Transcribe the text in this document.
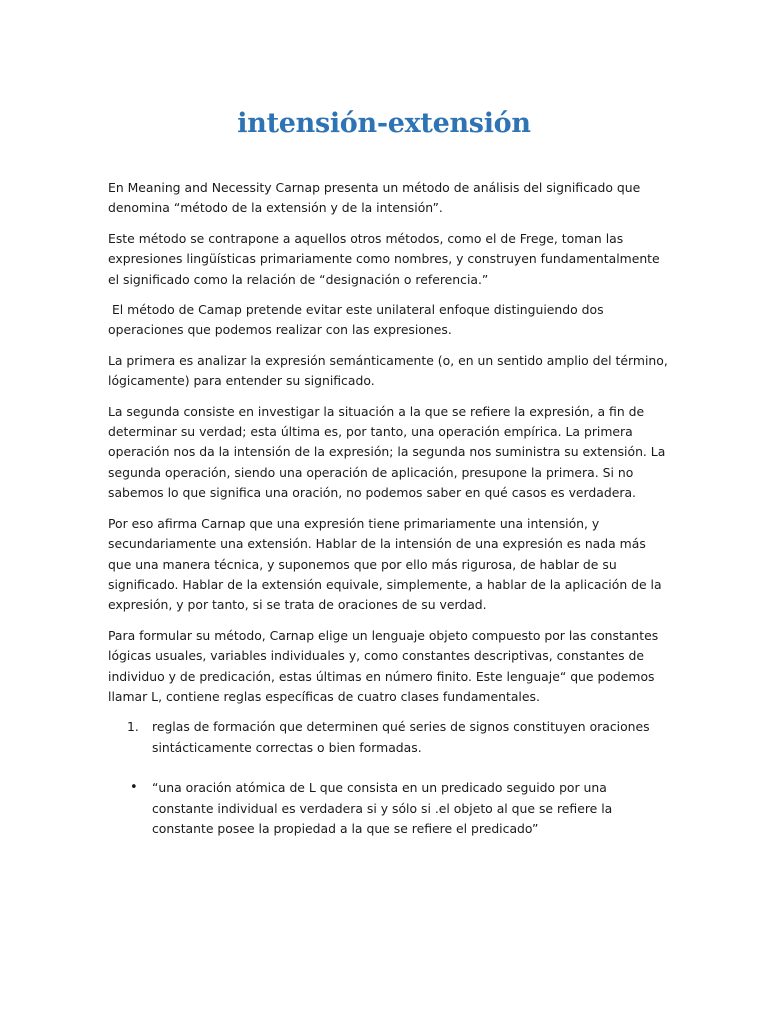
intensión-extensión

En Meaning and Necessity Carnap presenta un método de análisis del significado que denomina “método de la extensión y de la intensión”.

Este método se contrapone a aquellos otros métodos, como el de Frege, toman las expresiones lingüísticas primariamente como nombres, y construyen fundamentalmente el significado como la relación de “designación o referencia.”

El método de Camap pretende evitar este unilateral enfoque distinguiendo dos operaciones que podemos realizar con las expresiones.

La primera es analizar la expresión semánticamente (o, en un sentido amplio del término, lógicamente) para entender su significado.

La segunda consiste en investigar la situación a la que se refiere la expresión, a fin de determinar su verdad; esta última es, por tanto, una operación empírica. La primera operación nos da la intensión de la expresión; la segunda nos suministra su extensión. La segunda operación, siendo una operación de aplicación, presupone la primera. Si no sabemos lo que significa una oración, no podemos saber en qué casos es verdadera.

Por eso afirma Carnap que una expresión tiene primariamente una intensión, y secundariamente una extensión. Hablar de la intensión de una expresión es nada más que una manera técnica, y suponemos que por ello más rigurosa, de hablar de su significado. Hablar de la extensión equivale, simplemente, a hablar de la aplicación de la expresión, y por tanto, si se trata de oraciones de su verdad.

Para formular su método, Carnap elige un lenguaje objeto compuesto por las constantes lógicas usuales, variables individuales y, como constantes descriptivas, constantes de individuo y de predicación, estas últimas en número finito. Este lenguaje“ que podemos llamar L, contiene reglas específicas de cuatro clases fundamentales.

1. reglas de formación que determinen qué series de signos constituyen oraciones sintácticamente correctas o bien formadas.
• “una oración atómica de L que consista en un predicado seguido por una constante individual es verdadera si y sólo si .el objeto al que se refiere la constante posee la propiedad a la que se refiere el predicado”
